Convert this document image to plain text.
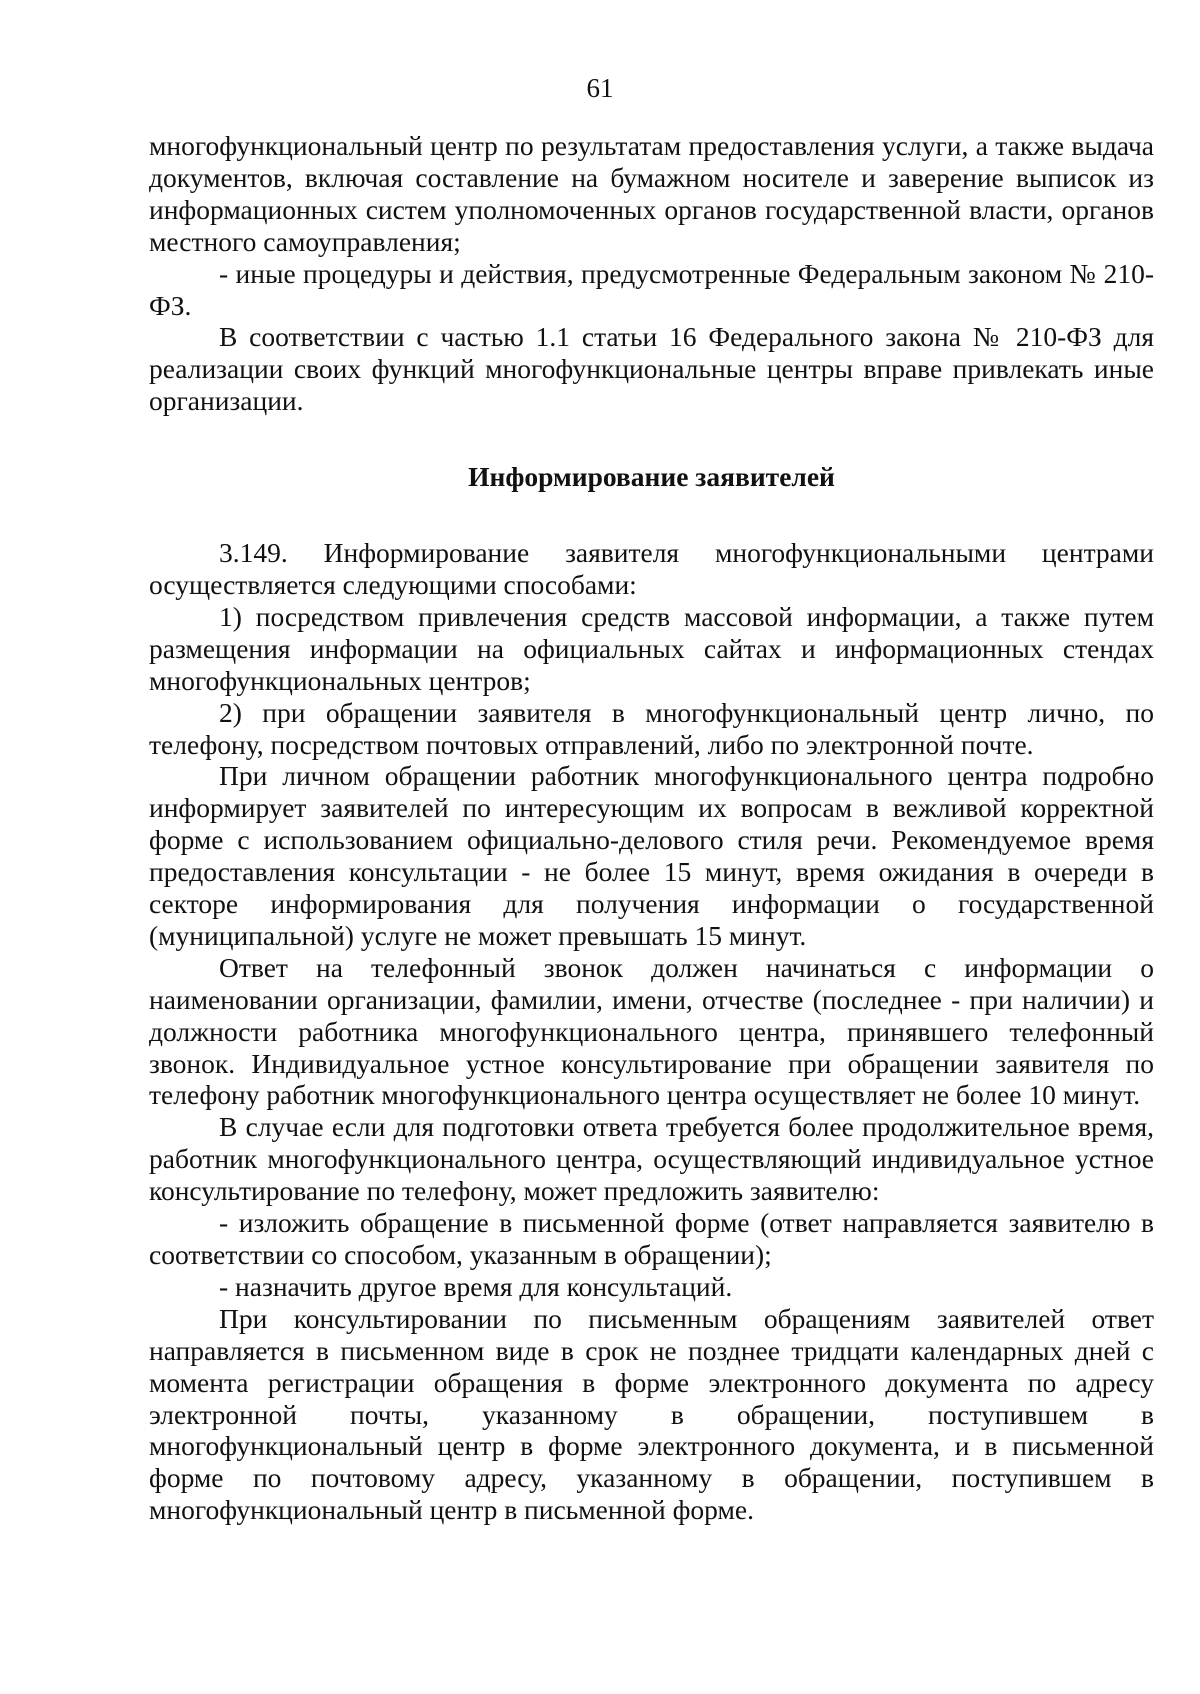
61

многофункциональный центр по результатам предоставления услуги, а также выдача документов, включая составление на бумажном носителе и заверение выписок из информационных систем уполномоченных органов государственной власти, органов местного самоуправления;

- иные процедуры и действия, предусмотренные Федеральным законом № 210-ФЗ.

В соответствии с частью 1.1 статьи 16 Федерального закона № 210-ФЗ для реализации своих функций многофункциональные центры вправе привлекать иные организации.

Информирование заявителей

3.149. Информирование заявителя многофункциональными центрами осуществляется следующими способами:

1) посредством привлечения средств массовой информации, а также путем размещения информации на официальных сайтах и информационных стендах многофункциональных центров;

2) при обращении заявителя в многофункциональный центр лично, по телефону, посредством почтовых отправлений, либо по электронной почте.

При личном обращении работник многофункционального центра подробно информирует заявителей по интересующим их вопросам в вежливой корректной форме с использованием официально-делового стиля речи. Рекомендуемое время предоставления консультации - не более 15 минут, время ожидания в очереди в секторе информирования для получения информации о государственной (муниципальной) услуге не может превышать 15 минут.

Ответ на телефонный звонок должен начинаться с информации о наименовании организации, фамилии, имени, отчестве (последнее - при наличии) и должности работника многофункционального центра, принявшего телефонный звонок. Индивидуальное устное консультирование при обращении заявителя по телефону работник многофункционального центра осуществляет не более 10 минут.

В случае если для подготовки ответа требуется более продолжительное время, работник многофункционального центра, осуществляющий индивидуальное устное консультирование по телефону, может предложить заявителю:

- изложить обращение в письменной форме (ответ направляется заявителю в соответствии со способом, указанным в обращении);

- назначить другое время для консультаций.

При консультировании по письменным обращениям заявителей ответ направляется в письменном виде в срок не позднее тридцати календарных дней с момента регистрации обращения в форме электронного документа по адресу электронной почты, указанному в обращении, поступившем в многофункциональный центр в форме электронного документа, и в письменной форме по почтовому адресу, указанному в обращении, поступившем в многофункциональный центр в письменной форме.
